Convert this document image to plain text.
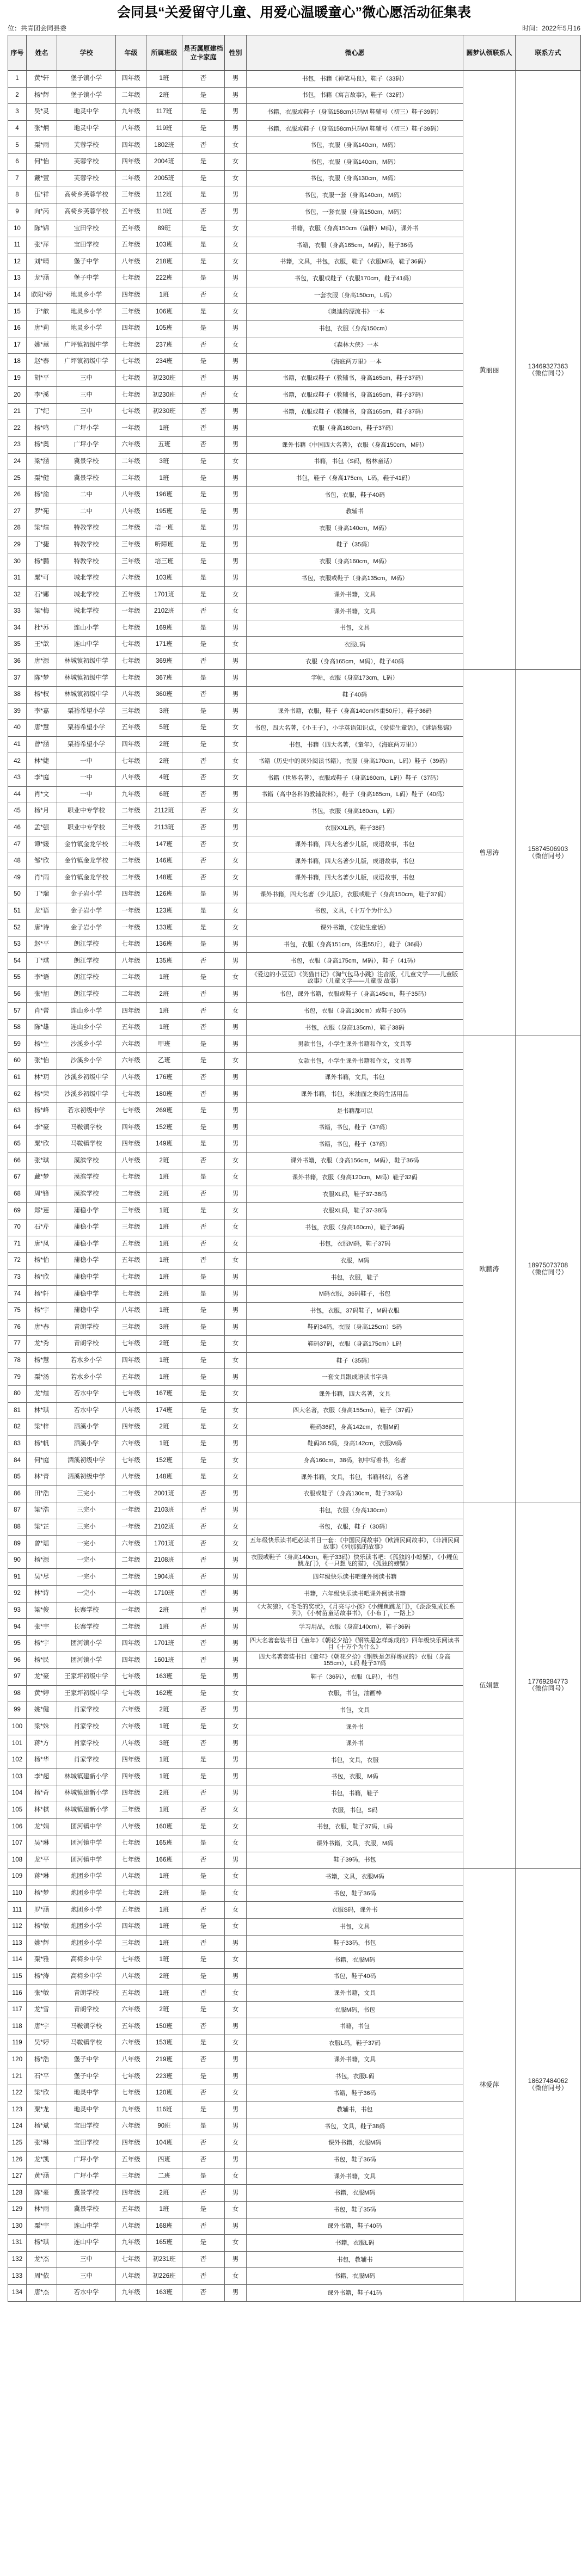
会同县“关爱留守儿童、用爱心温暖童心”微心愿活动征集表
位：共青团会同县委	时间：2022年5月16
序号	姓名	学校	年级	所属班级	是否属原建档立卡家庭	性别	微心愿	圆梦认领联系人	联系方式
1	黄*轩	堡子镇小学	四年级	1班	否	男	书包，书籍《神笔马良》，鞋子（33码）	黄丽丽	13469327363
（微信同号）

2	杨*辉	堡子镇小学	二年级	2班	是	男	书包，书籍《寓言故事》，鞋子（32码）		
3	吴*灵	地灵中学	九年级	117班	是	男	书籍，衣服或鞋子（身高158cm只码M 鞋辅号（初三）鞋子39码）		
4	张*炳	地灵中学	八年级	119班	是	男	书籍，衣服或鞋子（身高158cm只码M 鞋辅号（初三）鞋子39码）		
5	粟*雨	芙蓉学校	四年级	1802班	否	女	书包，衣服（身高140cm，M码）		
6	何*怡	芙蓉学校	四年级	2004班	是	女	书包，衣服（身高140cm，M码）		
7	戴*萱	芙蓉学校	二年级	2005班	是	女	书包，衣服（身高130cm，M码）		
8	伍*祥	高椅乡芙蓉学校	三年级	112班	是	男	书包，衣服一套（身高140cm，M码）		
9	向*芮	高椅乡芙蓉学校	五年级	110班	否	男	书包，一套衣服（身高150cm，M码）		
10	陈*锦	宝田学校	五年级	89班	是	女	书籍，衣服（身高150cm（偏胖）M码），课外书		
11	张*萍	宝田学校	五年级	103班	是	女	书籍，衣服（身高165cm，M码），鞋子36码		
12	刘*晴	堡子中学	八年级	218班	是	女	书籍，文具，书包，衣服，鞋子（衣服M码，鞋子36码）		
13	龙*涵	堡子中学	七年级	222班	是	男	书包，衣服或鞋子（衣服170cm，鞋子41码）		
14	欧阳*婷	地灵乡小学	四年级	1班	否	女	一套衣服（身高150cm，L码）		
15	于*歆	地灵乡小学	三年级	106班	是	女	《奥迪的漂流书》一本		
16	唐*莉	地灵乡小学	四年级	105班	是	男	书包，衣服（身高150cm）		
17	姚*蕙	广坪镇初级中学	七年级	237班	否	女	《森林大侠》一本		
18	赵*泰	广坪镇初级中学	七年级	234班	是	男	《海底两万里》一本		
19	胡*平	三中	七年级	初230班	否	男	书籍，衣服或鞋子（教辅书，身高165cm，鞋子37码）		
20	李*溪	三中	七年级	初230班	否	女	书籍，衣服或鞋子（教辅书，身高165cm，鞋子37码）		
21	丁*纪	三中	七年级	初230班	否	男	书籍，衣服或鞋子（教辅书，身高165cm，鞋子37码）		
22	杨*鸣	广坪小学	一年级	1班	否	男	衣服（身高160cm，鞋子37码）		
23	杨*奥	广坪小学	六年级	五班	否	男	课外书籍《中国四大名著》，衣服（身高150cm，M码）		
24	梁*涵	冀景学校	二年级	3班	是	女	书籍，书包（S码，格林童话）		
25	粟*健	冀景学校	二年级	1班	是	男	书包，鞋子（身高175cm，L码，鞋子41码）		
26	杨*渝	二中	八年级	196班	是	男	书包，衣服，鞋子40码		
27	罗*苑	二中	八年级	195班	是	男	教辅书		
28	梁*煊	特教学校	二年级	培一班	是	男	衣服（身高140cm，M码）		
29	丁*捷	特教学校	三年级	听障班	是	男	鞋子（35码）		
30	杨*鹏	特教学校	三年级	培三班	是	男	衣服（身高160cm，M码）		
31	粟*可	城北学校	六年级	103班	是	男	书包，衣服或鞋子（身高135cm，M码）		
32	石*娜	城北学校	五年级	1701班	是	女	课外书籍，文具		
33	梁*梅	城北学校	一年级	2102班	否	女	课外书籍，文具		
34	杜*苏	连山小学	七年级	169班	是	男	书包，文具		
35	王*歆	连山中学	七年级	171班	是	女	衣服L码		
36	唐*源	林城镇初级中学	七年级	369班	否	男	衣服（身高165cm，M码），鞋子40码		
37	陈*梦	林城镇初级中学	七年级	367班	是	男	字帖，衣服（身高173cm，L码）	曾思涛	15874506903
（微信同号）

38	杨*权	林城镇初级中学	八年级	360班	否	男	鞋子40码		
39	李*嘉	粟裕希望小学	三年级	3班	是	男	课外书籍，衣服，鞋子（身高140cm体重50斤），鞋子36码		
40	唐*慧	粟裕希望小学	五年级	5班	是	女	书包，四大名著，《小王子》，小学英语知识点，《爱徒生童话》，《谜语集锦》		
41	曾*涵	粟裕希望小学	四年级	2班	是	女	书包，书籍（四大名著，《童年》，《海底两万里》）		
42	林*婕	一中	七年级	2班	否	女	书籍（历史中的课外阅读书籍），衣服（身高170cm，L码）鞋子（39码）		
43	李*庭	一中	八年级	4班	否	女	书籍（世界名著），衣服或鞋子（身高160cm，L码）鞋子（37码）		
44	肖*文	一中	九年级	6班	否	男	书籍（高中各科的教辅资料），鞋子（身高165cm，L码）鞋子（40码）		
45	杨*月	职业中专学校	二年级	2112班	否	女	书包，衣服（身高160cm，L码）		
46	孟*强	职业中专学校	三年级	2113班	否	男	衣服XXL码，鞋子38码		
47	谭*媛	金竹镇金龙学校	二年级	147班	否	女	课外书籍，四大名著少儿版，成语故事，书包		
48	邹*欣	金竹镇金龙学校	二年级	146班	否	女	课外书籍，四大名著少儿版，成语故事，书包		
49	肖*雨	金竹镇金龙学校	二年级	148班	否	女	课外书籍，四大名著少儿版，成语故事，书包		
50	丁*瑞	金子岩小学	四年级	126班	是	男	课外书籍，四大名著（少儿版），衣服或鞋子（身高150cm，鞋子37码）		
51	龙*语	金子岩小学	一年级	123班	是	女	书包，文具，《十万个为什么》		
52	唐*诗	金子岩小学	一年级	133班	是	女	课外书籍，《安徒生童话》		
53	赵*平	朗江学校	七年级	136班	是	男	书包，衣服（身高151cm，体重55斤），鞋子（36码）		
54	丁*琪	朗江学校	八年级	135班	否	男	书包，衣服（身高175cm，M码），鞋子（41码）		
55	李*语	朗江学校	二年级	1班	是	女	《爱边的小豆豆》《笑猫日记》《淘气包马小跳》注音版，《儿童文学——儿童版 故事》（儿童文学——儿童版 故事）		
56	张*旭	朗江学校	二年级	2班	否	男	书包，课外书籍，衣服或鞋子（身高145cm，鞋子35码）		
57	肖*蕾	连山乡小学	四年级	1班	否	女	书包，衣服（身高130cm）或鞋子30码		
58	陈*雄	连山乡小学	五年级	1班	否	男	书包，衣服（身高135cm），鞋子38码		
59	杨*生	沙溪乡小学	六年级	甲班	是	男	男款书包，小学生课外书籍和作文，文具等	欧鹏涛	18975073708
（微信同号）

60	张*怡	沙溪乡小学	六年级	乙班	是	女	女款书包，小学生课外书籍和作文，文具等		
61	林*玥	沙溪乡初级中学	八年级	176班	否	男	课外书籍，文具，书包		
62	杨*荣	沙溪乡初级中学	七年级	180班	否	男	课外书籍，书包，米油面之类的生活用品		
63	杨*峰	若水初级中学	七年级	269班	是	男	是书籍都可以		
64	李*豪	马鞍镇学校	四年级	152班	是	男	书籍，书包，鞋子（37码）		
65	粟*欣	马鞍镇学校	四年级	149班	是	男	书籍，书包，鞋子（37码）		
66	张*琪	漠滨学校	八年级	2班	否	女	课外书籍，衣服（身高156cm，M码），鞋子36码		
67	戴*梦	漠滨学校	七年级	1班	是	女	课外书籍，衣服（身高120cm，M码）鞋子32码		
68	周*锋	漠滨学校	二年级	2班	否	男	衣服XL码，鞋子37-38码		
69	郑*莲	蒲稳小学	三年级	1班	是	女	衣服XL码，鞋子37-38码		
70	石*芹	蒲稳小学	三年级	1班	否	女	书包，衣服（身高160cm），鞋子36码		
71	唐*凤	蒲稳小学	五年级	1班	否	女	书包，衣服M码，鞋子37码		
72	杨*怡	蒲稳小学	五年级	1班	否	女	衣服，M码		
73	杨*欣	蒲稳中学	七年级	1班	是	男	书包，衣服，鞋子		
74	杨*轩	蒲稳中学	七年级	2班	是	男	M码衣服，36码鞋子，书包		
75	杨*宇	蒲稳中学	八年级	1班	是	男	书包，衣服，37码鞋子，M码衣服		
76	唐*春	青朗学校	三年级	3班	是	男	鞋码34码，衣服（身高125cm）S码		
77	龙*秀	青朗学校	七年级	2班	是	女	鞋码37码，衣服（身高175cm）L码		
78	杨*慧	若水乡小学	四年级	1班	是	女	鞋子（35码）		
79	粟*汤	若水乡小学	五年级	1班	是	男	一套文具跟成语读书字典		
80	龙*煊	若水中学	七年级	167班	是	女	课外书籍，四大名著，文具		
81	林*琪	若水中学	八年级	174班	是	女	四大名著，衣服（身高155cm），鞋子（37码）		
82	梁*梓	洒溪小学	四年级	2班	是	女	鞋码36码，身高142cm，衣服M码		
83	杨*帆	洒溪小学	六年级	1班	是	男	鞋码36.5码，身高142cm，衣服M码		
84	何*庭	洒溪初级中学	七年级	152班	是	女	身高160cm，38码，初中写着书，名著		
85	林*青	洒溪初级中学	八年级	148班	是	女	课外书籍，文具，书包，书籍科幻，名著		
86	田*浩	三完小	二年级	2001班	否	男	衣服或鞋子（身高130cm，鞋子33码）		
87	梁*浩	三完小	一年级	2103班	否	男	书包，衣服（身高130cm）	伍娟慧	17769284773
（微信同号）

88	梁*芷	三完小	一年级	2102班	否	女	书包，衣服，鞋子（30码）		
89	曾*瑶	一完小	六年级	1701班	否	女	五年级快乐读书吧必读书目一套：《中国民间故事》《欧洲民间故事》，《非洲民间故事》《列那狐的故事》		
90	杨*源	一完小	二年级	2108班	否	男	衣服或鞋子（身高140cm，鞋子33码）快乐读书吧：《孤独的小螃蟹》，《小鲤鱼跳龙门》，《一只想飞的猫》，《孤独的螃蟹》		
91	吴*尽	一完小	二年级	1904班	否	男	四年级快乐读书吧课外阅读书籍		
92	林*诗	一完小	一年级	1710班	否	男	书籍，六年级快乐读书吧课外阅读书籍		
93	梁*俊	长寨学校	一年级	2班	否	男	《大灰狼》，《毛毛的奖状》，《月亮与小孩》《小鲤鱼跳龙门》，《歪歪兔成长系列》，《小树苗童话故事书》，《小布丁，一路上》		
94	张*宇	长寨学校	二年级	1班	否	男	学习用品，衣服（身高140cm），鞋子36码		
95	杨*宇	团河镇小学	四年级	1701班	否	男	四大名著套装书目《童年》《朝花夕拾》《钢铁是怎样炼成的》四年级快乐阅读书目《十万个为什么》		
96	杨*民	团河镇小学	四年级	1601班	否	男	四大名著套装书目《童年》《朝花夕拾》《钢铁是怎样炼成的》衣服（身高155cm），L码 鞋子37码		
97	龙*豪	王家坪初级中学	七年级	163班	是	男	鞋子（36码），衣服（L码），书包		
98	黄*婷	王家坪初级中学	七年级	162班	是	女	衣服，书包，油画棒		
99	姚*健	肖家学校	六年级	2班	否	男	书包，文具		
100	梁*姝	肖家学校	六年级	1班	是	女	课外书		
101	蒋*方	肖家学校	八年级	3班	否	男	课外书		
102	杨*华	肖家学校	四年级	1班	是	男	书包，文具，衣服		
103	李*超	林城镇建新小学	四年级	1班	是	男	书包，衣服，M码		
104	杨*奇	林城镇建新小学	四年级	2班	否	男	书包，书籍，鞋子		
105	林*棋	林城镇建新小学	三年级	1班	否	女	衣服，书包，S码		
106	龙*娟	团河镇中学	八年级	160班	是	女	书包，衣服，鞋子37码，L码		
107	吴*琳	团河镇中学	七年级	165班	是	女	课外书籍，文具，衣服，M码		
108	龙*平	团河镇中学	七年级	166班	否	男	鞋子39码，书包		
109	蒋*琳	炮团乡中学	八年级	1班	是	女	书籍，文具，衣服M码	林爱萍	18627484062
（微信同号）

110	杨*梦	炮团乡中学	七年级	2班	是	女	书包，鞋子36码		
111	罗*涵	炮团乡小学	五年级	1班	否	女	衣服S码，课外书		
112	杨*敏	炮团乡小学	四年级	1班	是	女	书包，文具		
113	姚*辉	炮团乡小学	三年级	1班	否	男	鞋子33码，书包		
114	粟*雅	高椅乡中学	七年级	1班	是	女	书籍，衣服M码		
115	杨*涛	高椅乡中学	八年级	2班	是	男	书包，鞋子40码		
116	张*敏	青朗学校	五年级	1班	否	女	课外书籍，文具		
117	龙*雪	青朗学校	六年级	2班	是	女	衣服M码，书包		
118	唐*宇	马鞍镇学校	五年级	150班	否	男	书籍，书包		
119	吴*婷	马鞍镇学校	六年级	153班	是	女	衣服L码，鞋子37码		
120	杨*浩	堡子中学	八年级	219班	否	男	课外书籍，文具		
121	石*平	堡子中学	七年级	223班	是	男	书包，衣服L码		
122	梁*欣	地灵中学	七年级	120班	否	女	书籍，鞋子36码		
123	粟*龙	地灵中学	九年级	116班	是	男	教辅书，书包		
124	杨*斌	宝田学校	六年级	90班	是	男	书包，文具，鞋子38码		
125	张*琳	宝田学校	四年级	104班	否	女	课外书籍，衣服M码		
126	龙*凯	广坪小学	五年级	四班	否	男	书包，鞋子36码		
127	黄*涵	广坪小学	三年级	二班	是	女	课外书籍，文具		
128	陈*豪	冀景学校	四年级	2班	否	男	书籍，衣服M码		
129	林*雨	冀景学校	五年级	1班	是	女	书包，鞋子35码		
130	粟*宇	连山中学	八年级	168班	否	男	课外书籍，鞋子40码		
131	杨*琪	连山中学	九年级	165班	是	女	书籍，衣服L码		
132	龙*杰	三中	七年级	初231班	否	男	书包，教辅书		
133	周*依	三中	八年级	初226班	否	女	书籍，衣服M码		
134	唐*杰	若水中学	九年级	163班	否	男	课外书籍，鞋子41码		
